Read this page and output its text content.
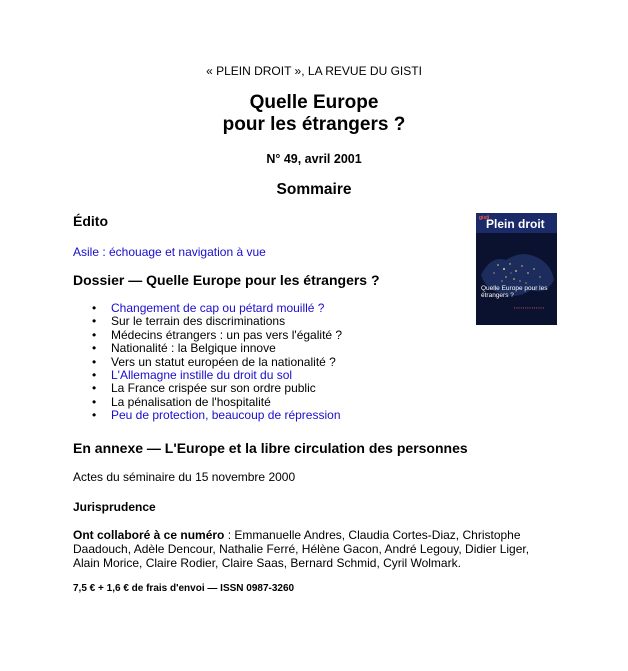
« PLEIN DROIT », LA REVUE DU GISTI
Quelle Europe
pour les étrangers ?
N° 49, avril 2001
Sommaire
Édito
Asile : échouage et navigation à vue
gisti
Plein droit
Quelle Europe pour les étrangers ?
▪ ▪ ▪ ▪ ▪ ▪ ▪ ▪ ▪ ▪ ▪ ▪ ▪ ▪
Dossier — Quelle Europe pour les étrangers ?
• Changement de cap ou pétard mouillé ?
• Sur le terrain des discriminations
• Médecins étrangers : un pas vers l'égalité ?
• Nationalité : la Belgique innove
• Vers un statut européen de la nationalité ?
• L'Allemagne instille du droit du sol
• La France crispée sur son ordre public
• La pénalisation de l'hospitalité
• Peu de protection, beaucoup de répression
En annexe — L'Europe et la libre circulation des personnes
Actes du séminaire du 15 novembre 2000
Jurisprudence
Ont collaboré à ce numéro : Emmanuelle Andres, Claudia Cortes-Diaz, Christophe Daadouch, Adèle Dencour, Nathalie Ferré, Hélène Gacon, André Legouy, Didier Liger, Alain Morice, Claire Rodier, Claire Saas, Bernard Schmid, Cyril Wolmark.
7,5 € + 1,6 € de frais d'envoi — ISSN 0987-3260
